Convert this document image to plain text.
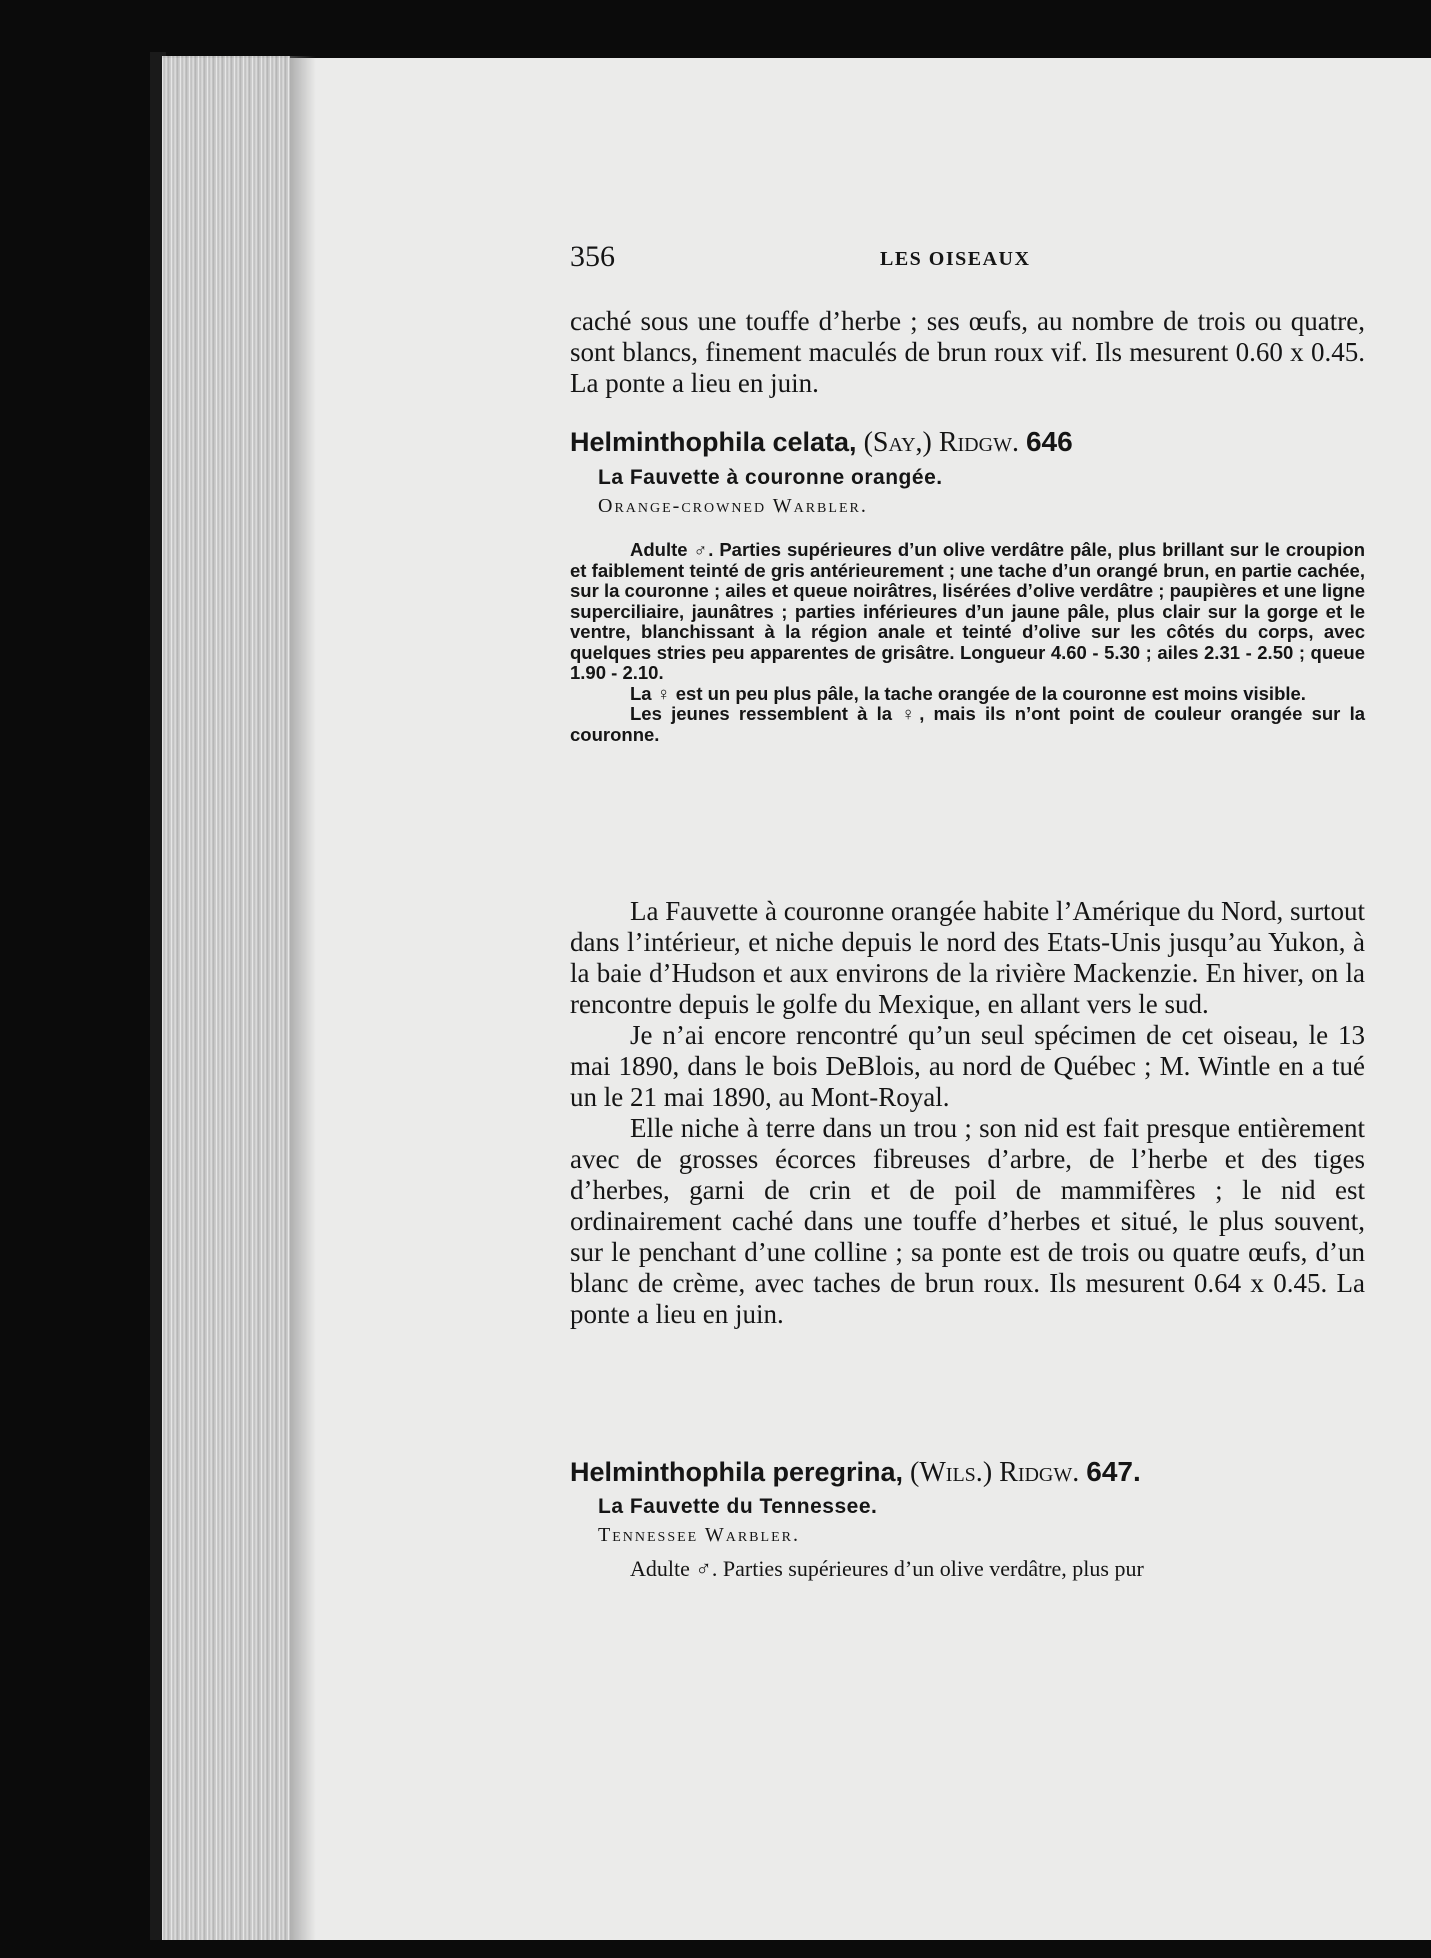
356	LES OISEAUX

caché sous une touffe d’herbe ; ses œufs, au nombre de trois ou quatre, sont blancs, finement maculés de brun roux vif. Ils mesurent 0.60 x 0.45. La ponte a lieu en juin.

Helminthophila celata, (Say,) Ridgw. 646
La Fauvette à couronne orangée.
Orange-crowned Warbler.

Adulte ♂. Parties supérieures d’un olive verdâtre pâle, plus brillant sur le croupion et faiblement teinté de gris antérieurement ; une tache d’un orangé brun, en partie cachée, sur la couronne ; ailes et queue noirâtres, lisérées d’olive verdâtre ; paupières et une ligne superciliaire, jaunâtres ; parties inférieures d’un jaune pâle, plus clair sur la gorge et le ventre, blanchissant à la région anale et teinté d’olive sur les côtés du corps, avec quelques stries peu apparentes de grisâtre. Longueur 4.60 - 5.30 ; ailes 2.31 - 2.50 ; queue 1.90 - 2.10.

La ♀ est un peu plus pâle, la tache orangée de la couronne est moins visible.

Les jeunes ressemblent à la ♀, mais ils n’ont point de couleur orangée sur la couronne.

La Fauvette à couronne orangée habite l’Amérique du Nord, surtout dans l’intérieur, et niche depuis le nord des Etats-Unis jusqu’au Yukon, à la baie d’Hudson et aux environs de la rivière Mackenzie. En hiver, on la rencontre depuis le golfe du Mexique, en allant vers le sud.

Je n’ai encore rencontré qu’un seul spécimen de cet oiseau, le 13 mai 1890, dans le bois DeBlois, au nord de Québec ; M. Wintle en a tué un le 21 mai 1890, au Mont-Royal.

Elle niche à terre dans un trou ; son nid est fait presque entièrement avec de grosses écorces fibreuses d’arbre, de l’herbe et des tiges d’herbes, garni de crin et de poil de mammifères ; le nid est ordinairement caché dans une touffe d’herbes et situé, le plus souvent, sur le penchant d’une colline ; sa ponte est de trois ou quatre œufs, d’un blanc de crème, avec taches de brun roux. Ils mesurent 0.64 x 0.45. La ponte a lieu en juin.

Helminthophila peregrina, (Wils.) Ridgw. 647.
La Fauvette du Tennessee.
Tennessee Warbler.

Adulte ♂. Parties supérieures d’un olive verdâtre, plus pur
